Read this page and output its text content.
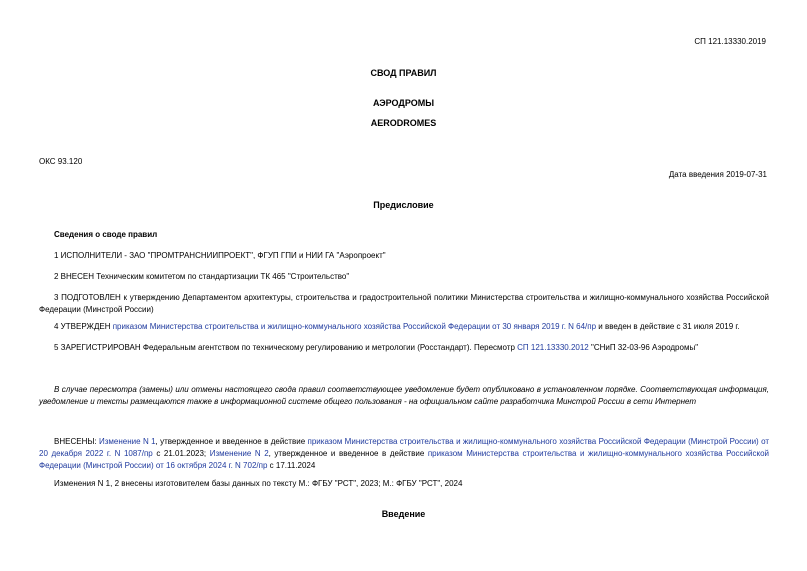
СП 121.13330.2019
СВОД ПРАВИЛ
АЭРОДРОМЫ
AERODROMES
ОКС 93.120
Дата введения 2019-07-31
Предисловие
Сведения о своде правил
1 ИСПОЛНИТЕЛИ - ЗАО "ПРОМТРАНСНИИПРОЕКТ", ФГУП ГПИ и НИИ ГА "Аэропроект"
2 ВНЕСЕН Техническим комитетом по стандартизации ТК 465 "Строительство"
3 ПОДГОТОВЛЕН к утверждению Департаментом архитектуры, строительства и градостроительной политики Министерства строительства и жилищно-коммунального хозяйства Российской Федерации (Минстрой России)
4 УТВЕРЖДЕН приказом Министерства строительства и жилищно-коммунального хозяйства Российской Федерации от 30 января 2019 г. N 64/пр и введен в действие с 31 июля 2019 г.
5 ЗАРЕГИСТРИРОВАН Федеральным агентством по техническому регулированию и метрологии (Росстандарт). Пересмотр СП 121.13330.2012 "СНиП 32-03-96 Аэродромы"
В случае пересмотра (замены) или отмены настоящего свода правил соответствующее уведомление будет опубликовано в установленном порядке. Соответствующая информация, уведомление и тексты размещаются также в информационной системе общего пользования - на официальном сайте разработчика Минстрой России в сети Интернет
ВНЕСЕНЫ: Изменение N 1, утвержденное и введенное в действие приказом Министерства строительства и жилищно-коммунального хозяйства Российской Федерации (Минстрой России) от 20 декабря 2022 г. N 1087/пр с 21.01.2023; Изменение N 2, утвержденное и введенное в действие приказом Министерства строительства и жилищно-коммунального хозяйства Российской Федерации (Минстрой России) от 16 октября 2024 г. N 702/пр с 17.11.2024
Изменения N 1, 2 внесены изготовителем базы данных по тексту М.: ФГБУ "РСТ", 2023; М.: ФГБУ "РСТ", 2024
Введение
